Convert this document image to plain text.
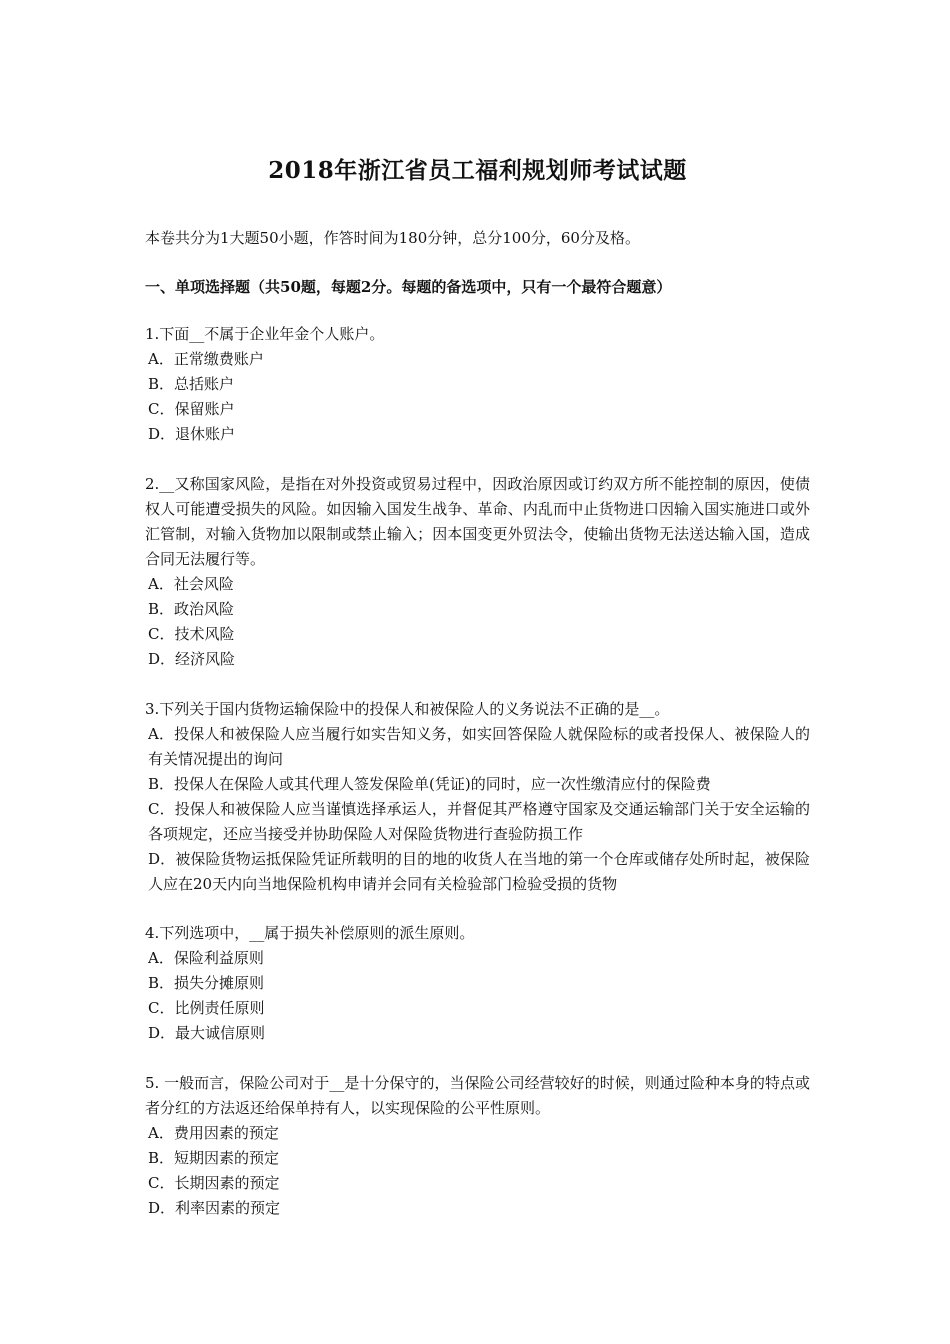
2018年浙江省员工福利规划师考试试题
本卷共分为1大题50小题，作答时间为180分钟，总分100分，60分及格。
一、单项选择题（共50题，每题2分。每题的备选项中，只有一个最符合题意）

1.下面__不属于企业年金个人账户。

A．正常缴费账户

B．总括账户

C．保留账户

D．退休账户

2.__又称国家风险，是指在对外投资或贸易过程中，因政治原因或订约双方所不能控制的原因，使债权人可能遭受损失的风险。如因输入国发生战争、革命、内乱而中止货物进口因输入国实施进口或外汇管制，对输入货物加以限制或禁止输入；因本国变更外贸法令，使输出货物无法送达输入国，造成合同无法履行等。

A．社会风险

B．政治风险

C．技术风险

D．经济风险

3.下列关于国内货物运输保险中的投保人和被保险人的义务说法不正确的是__。

A．投保人和被保险人应当履行如实告知义务，如实回答保险人就保险标的或者投保人、被保险人的有关情况提出的询问

B．投保人在保险人或其代理人签发保险单(凭证)的同时，应一次性缴清应付的保险费

C．投保人和被保险人应当谨慎选择承运人，并督促其严格遵守国家及交通运输部门关于安全运输的各项规定，还应当接受并协助保险人对保险货物进行查验防损工作

D．被保险货物运抵保险凭证所载明的目的地的收货人在当地的第一个仓库或储存处所时起，被保险人应在20天内向当地保险机构申请并会同有关检验部门检验受损的货物

4.下列选项中，__属于损失补偿原则的派生原则。

A．保险利益原则

B．损失分摊原则

C．比例责任原则

D．最大诚信原则

5. 一般而言，保险公司对于__是十分保守的，当保险公司经营较好的时候，则通过险种本身的特点或者分红的方法返还给保单持有人，以实现保险的公平性原则。

A．费用因素的预定

B．短期因素的预定

C．长期因素的预定

D．利率因素的预定
